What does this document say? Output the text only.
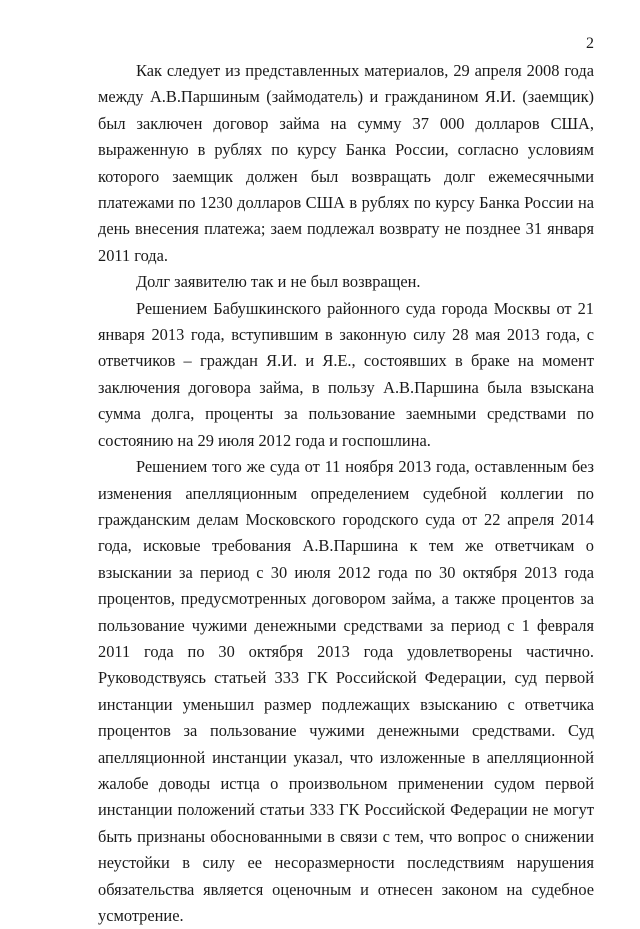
2

Как следует из представленных материалов, 29 апреля 2008 года между А.В.Паршиным (займодатель) и гражданином Я.И. (заемщик) был заключен договор займа на сумму 37 000 долларов США, выраженную в рублях по курсу Банка России, согласно условиям которого заемщик должен был возвращать долг ежемесячными платежами по 1230 долларов США в рублях по курсу Банка России на день внесения платежа; заем подлежал возврату не позднее 31 января 2011 года.

Долг заявителю так и не был возвращен.

Решением Бабушкинского районного суда города Москвы от 21 января 2013 года, вступившим в законную силу 28 мая 2013 года, с ответчиков – граждан Я.И. и Я.Е., состоявших в браке на момент заключения договора займа, в пользу А.В.Паршина была взыскана сумма долга, проценты за пользование заемными средствами по состоянию на 29 июля 2012 года и госпошлина.

Решением того же суда от 11 ноября 2013 года, оставленным без изменения апелляционным определением судебной коллегии по гражданским делам Московского городского суда от 22 апреля 2014 года, исковые требования А.В.Паршина к тем же ответчикам о взыскании за период с 30 июля 2012 года по 30 октября 2013 года процентов, предусмотренных договором займа, а также процентов за пользование чужими денежными средствами за период с 1 февраля 2011 года по 30 октября 2013 года удовлетворены частично. Руководствуясь статьей 333 ГК Российской Федерации, суд первой инстанции уменьшил размер подлежащих взысканию с ответчика процентов за пользование чужими денежными средствами. Суд апелляционной инстанции указал, что изложенные в апелляционной жалобе доводы истца о произвольном применении судом первой инстанции положений статьи 333 ГК Российской Федерации не могут быть признаны обоснованными в связи с тем, что вопрос о снижении неустойки в силу ее несоразмерности последствиям нарушения обязательства является оценочным и отнесен законом на судебное усмотрение.
